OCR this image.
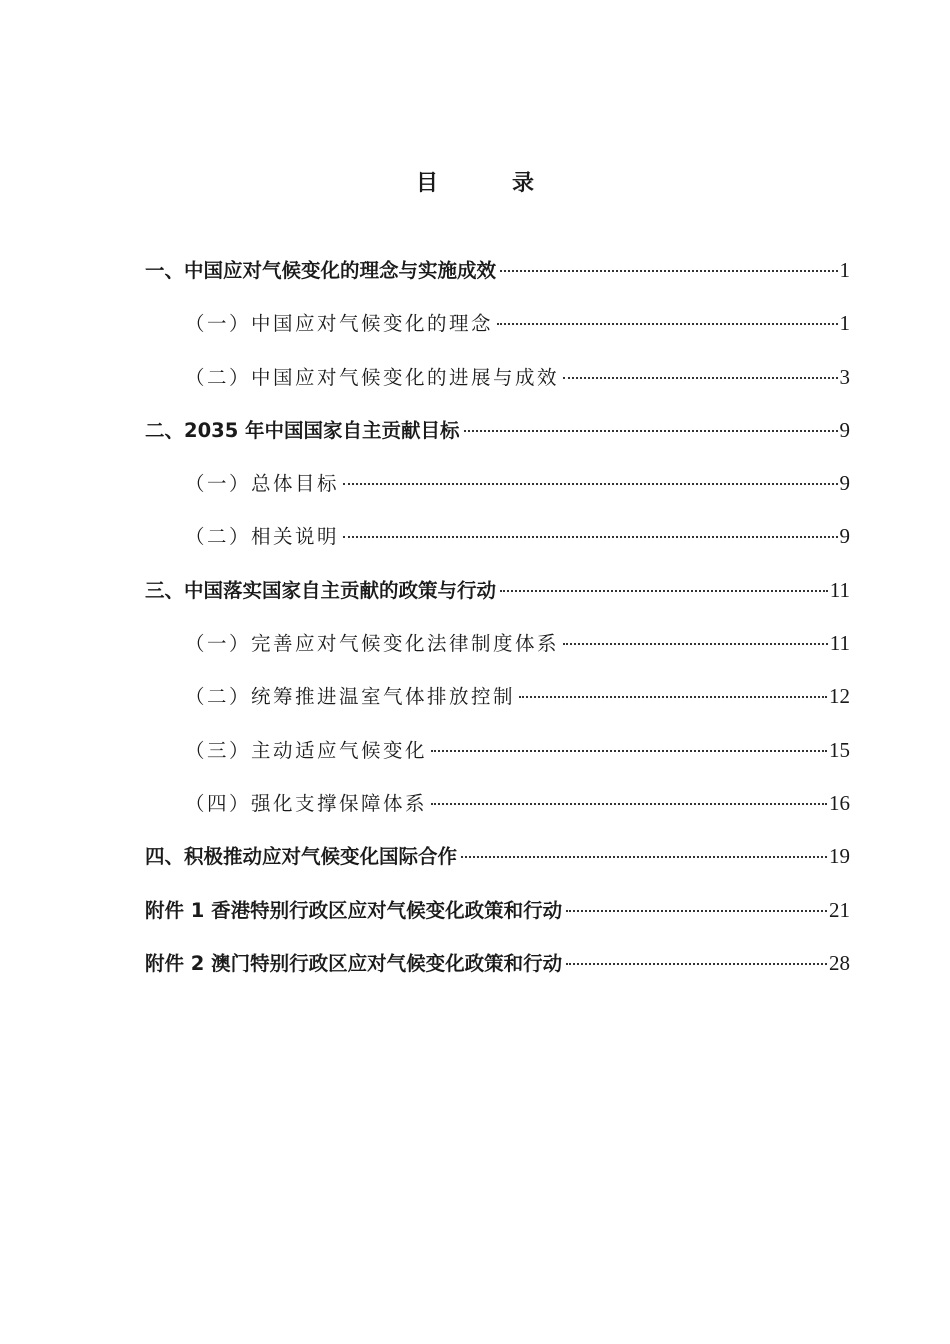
目　录
一、中国应对气候变化的理念与实施成效	1
（一）中国应对气候变化的理念	1
（二）中国应对气候变化的进展与成效	3
二、2035 年中国国家自主贡献目标	9
（一）总体目标	9
（二）相关说明	9
三、中国落实国家自主贡献的政策与行动	11
（一）完善应对气候变化法律制度体系	11
（二）统筹推进温室气体排放控制	12
（三）主动适应气候变化	15
（四）强化支撑保障体系	16
四、积极推动应对气候变化国际合作	19
附件 1 香港特别行政区应对气候变化政策和行动	21
附件 2 澳门特别行政区应对气候变化政策和行动	28
